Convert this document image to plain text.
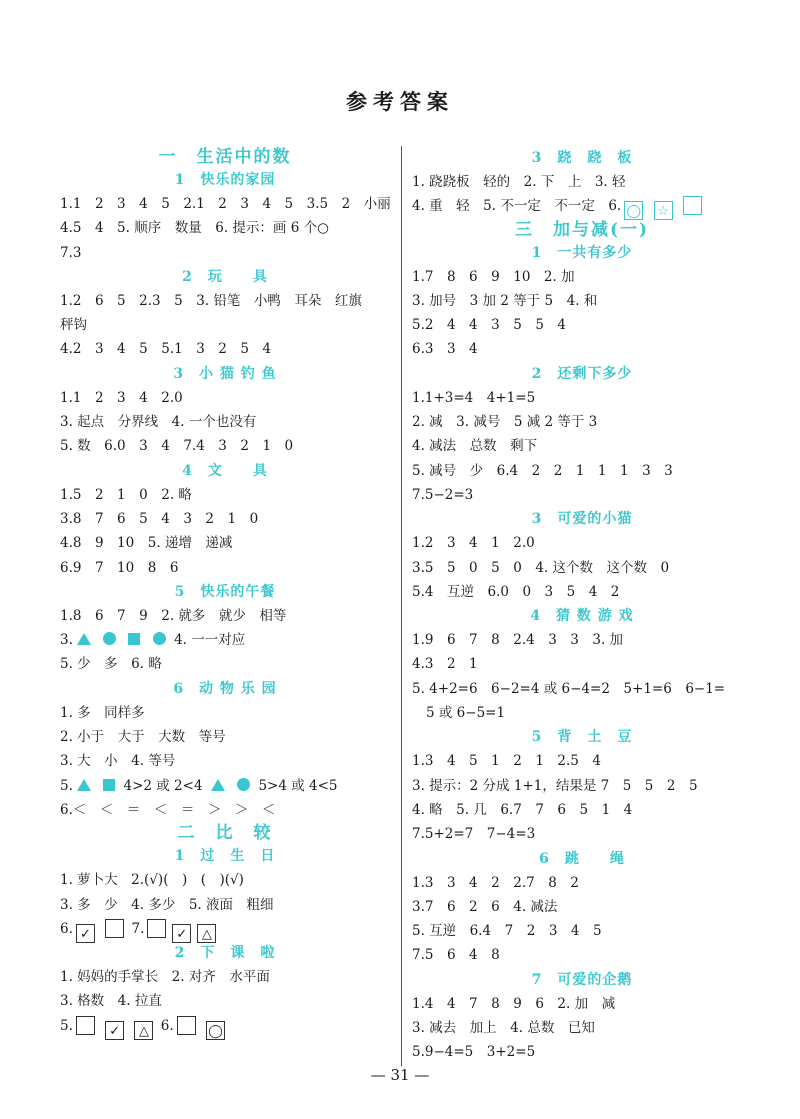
参考答案
一　生活中的数
1　快乐的家园
1.1　2　3　4　5　2.1　2　3　4　5　3.5　2　小丽
4.5　4　5. 顺序　数量　6. 提示：画 6 个○
7.3
2　玩　　具
1.2　6　5　2.3　5　3. 铅笔　小鸭　耳朵　红旗
秤钩
4.2　3　4　5　5.1　3　2　5　4
3　小 猫 钓 鱼
1.1　2　3　4　2.0
3. 起点　分界线　4. 一个也没有
5. 数　6.0　3　4　7.4　3　2　1　0
4　文　　具
1.5　2　1　0　2. 略
3.8　7　6　5　4　3　2　1　0
4.8　9　10　5. 递增　递减
6.9　7　10　8　6
5　快乐的午餐
1.8　6　7　9　2. 就多　就少　相等
3.	4. 一一对应
5. 少　多　6. 略
6　动 物 乐 园
1. 多　同样多
2. 小于　大于　大数　等号
3. 大　小　4. 等号
5.	4>2 或 2<4	5>4 或 4<5
6.＜　＜　＝　＜　＝　＞　＞　＜
二　比　较
1　过　生　日
1. 萝卜大　2.(√)(　)　(　)(√)
3. 多　少　4. 多少　5. 液面　粗细
6. ✓	7. ✓ △
2　下　课　啦
1. 妈妈的手掌长　2. 对齐　水平面
3. 格数　4. 拉直
5.	✓ △ 6.	◯
3　跷　跷　板
1. 跷跷板　轻的　2. 下　上　3. 轻
4. 重　轻　5. 不一定　不一定　6. ◯ ☆
三　加与减(一)
1　一共有多少
1.7　8　6　9　10　2. 加
3. 加号　3 加 2 等于 5　4. 和
5.2　4　4　3　5　5　4
6.3　3　4
2　还剩下多少
1.1+3=4　4+1=5
2. 减　3. 减号　5 减 2 等于 3
4. 减法　总数　剩下
5. 减号　少　6.4　2　2　1　1　1　3　3
7.5−2=3
3　可爱的小猫
1.2　3　4　1　2.0
3.5　5　0　5　0　4. 这个数　这个数　0
5.4　互逆　6.0　0　3　5　4　2
4　猜 数 游 戏
1.9　6　7　8　2.4　3　3　3. 加
4.3　2　1
5. 4+2=6　6−2=4 或 6−4=2　5+1=6　6−1=
5 或 6−5=1
5　背　土　豆
1.3　4　5　1　2　1　2.5　4
3. 提示：2 分成 1+1，结果是 7　5　5　2　5
4. 略　5. 几　6.7　7　6　5　1　4
7.5+2=7　7−4=3
6　跳　　绳
1.3　3　4　2　2.7　8　2
3.7　6　2　6　4. 减法
5. 互逆　6.4　7　2　3　4　5
7.5　6　4　8
7　可爱的企鹅
1.4　4　7　8　9　6　2. 加　减
3. 减去　加上　4. 总数　已知
5.9−4=5　3+2=5
— 31 —
